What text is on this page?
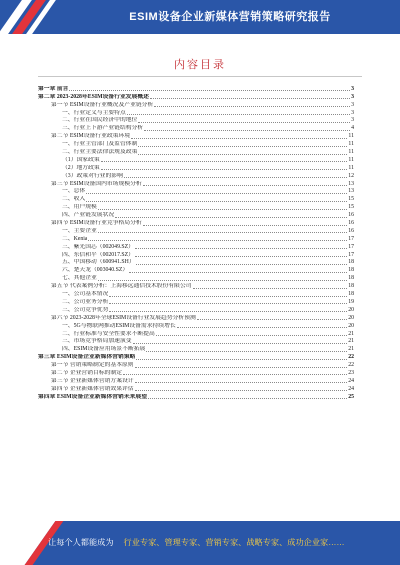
ESIM设备企业新媒体营销策略研究报告
内容目录
第一章 前言	3
第二章 2023-2028年ESIM设备行业发展概述	3
第一节 ESIM设备行业概况及产业链分析	3
一、行业定义与主要特点	3
二、行业在国民经济中的地位	3
三、行业上下游产业链结构分析	4
第二节 ESIM设备行业政策环境	11
一、行业主管部门及监管体制	11
二、行业主要法律法规及政策	11
（1）国家政策	11
（2）地方政策	11
（3）政策对行业的影响	12
第三节 ESIM设备国内市场规模分析	13
一、总体	13
二、收入	15
三、用户规模	15
四、产业链发展状况	16
第四节 ESIM设备行业竞争格局分析	16
一、主要企业	16
二、Kenia	17
三、紫光国芯（002049.SZ）	17
四、东信和平（002017.SZ）	17
五、中国移动（600941.SH）	18
六、楚天龙（003040.SZ）	18
七、其他企业	18
第五节 代表案例分析：上海移远通信技术股份有限公司	18
一、公司基本情况	18
二、公司业务分析	19
三、公司竞争优势	20
第六节 2023-2028年全球ESIM设备行业发展趋势分析预测	20
一、5G与物联网推动ESIM设备需求持续增长	20
二、行业标准与安全性要求不断提高	21
三、市场竞争格局加速演变	21
四、ESIM设备应用场景不断拓展	21
第三章 ESIM设备企业新媒体营销策略	22
第一节 营销策略制定的基本原则	22
第二节 企业营销目标的制定	23
第三节 企业新媒体营销方案设计	24
第四节 企业新媒体营销效果评估	24
第四章 ESIM设备企业新媒体营销未来展望	25
让每个人都能成为 行业专家、管理专家、营销专家、战略专家、成功企业家……
